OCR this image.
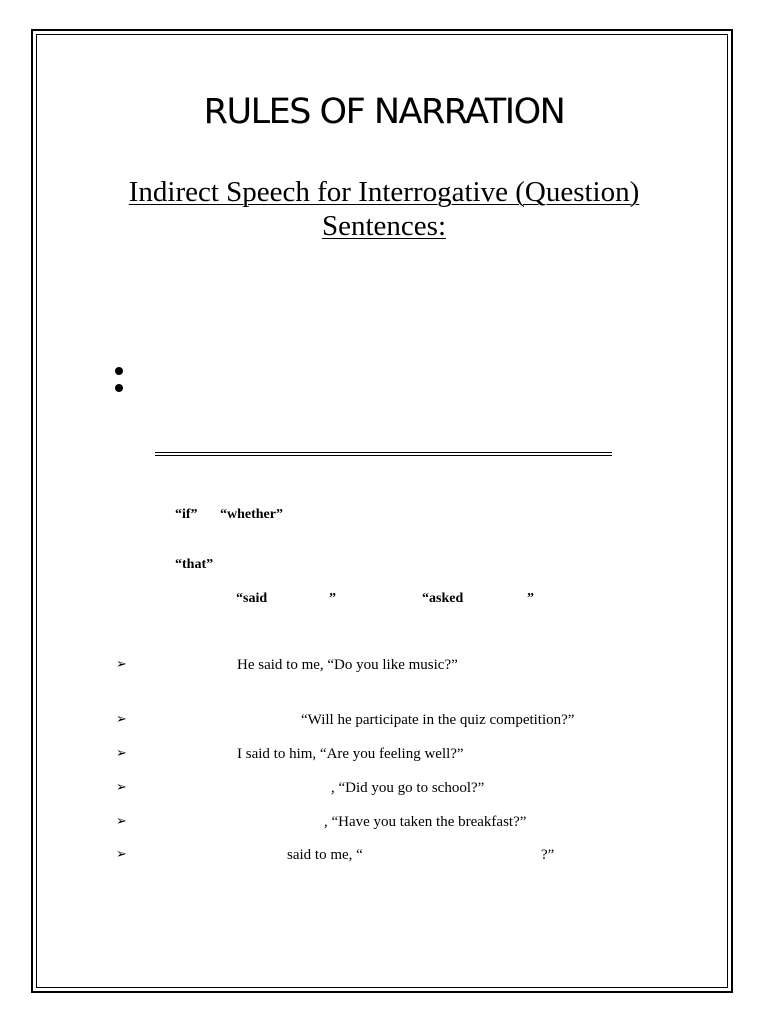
RULES OF NARRATION
Indirect Speech for Interrogative (Question) Sentences:
“if” “whether”
“that”
“said	”	“asked	”
➢	He said to me, “Do you like music?”
➢	“Will he participate in the quiz competition?”
➢	I said to him, “Are you feeling well?”
➢	, “Did you go to school?”
➢	, “Have you taken the breakfast?”
➢	said to me, “	?”
